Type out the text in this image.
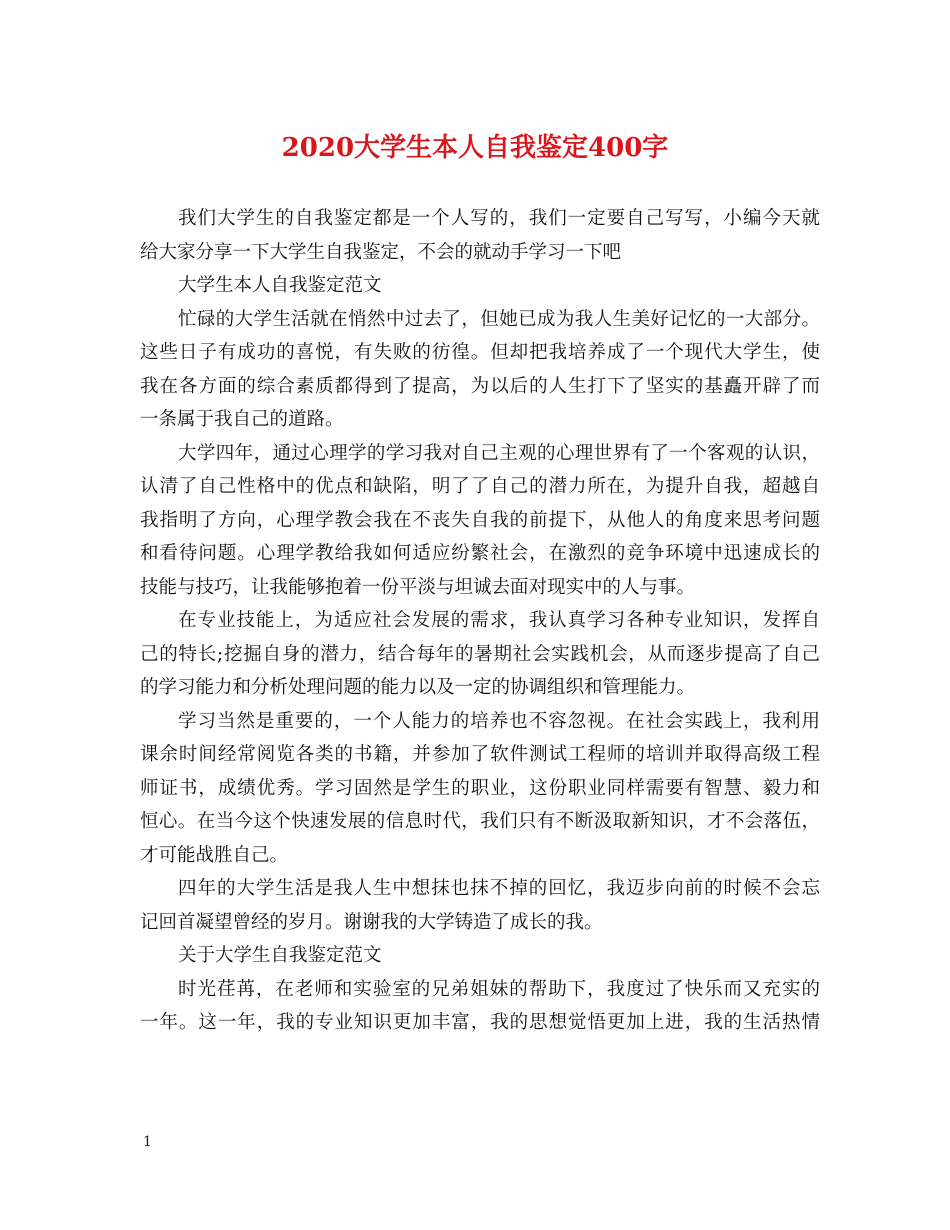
2020大学生本人自我鉴定400字
我们大学生的自我鉴定都是一个人写的，我们一定要自己写写，小编今天就
给大家分享一下大学生自我鉴定，不会的就动手学习一下吧
大学生本人自我鉴定范文
忙碌的大学生活就在悄然中过去了，但她已成为我人生美好记忆的一大部分。
这些日子有成功的喜悦，有失败的彷徨。但却把我培养成了一个现代大学生，使
我在各方面的综合素质都得到了提高，为以后的人生打下了坚实的基矗开辟了而
一条属于我自己的道路。
大学四年，通过心理学的学习我对自己主观的心理世界有了一个客观的认识，
认清了自己性格中的优点和缺陷，明了了自己的潜力所在，为提升自我，超越自
我指明了方向，心理学教会我在不丧失自我的前提下，从他人的角度来思考问题
和看待问题。心理学教给我如何适应纷繁社会，在激烈的竞争环境中迅速成长的
技能与技巧，让我能够抱着一份平淡与坦诚去面对现实中的人与事。
在专业技能上，为适应社会发展的需求，我认真学习各种专业知识，发挥自
己的特长;挖掘自身的潜力，结合每年的暑期社会实践机会，从而逐步提高了自己
的学习能力和分析处理问题的能力以及一定的协调组织和管理能力。
学习当然是重要的，一个人能力的培养也不容忽视。在社会实践上，我利用
课余时间经常阅览各类的书籍，并参加了软件测试工程师的培训并取得高级工程
师证书，成绩优秀。学习固然是学生的职业，这份职业同样需要有智慧、毅力和
恒心。在当今这个快速发展的信息时代，我们只有不断汲取新知识，才不会落伍，
才可能战胜自己。
四年的大学生活是我人生中想抹也抹不掉的回忆，我迈步向前的时候不会忘
记回首凝望曾经的岁月。谢谢我的大学铸造了成长的我。
关于大学生自我鉴定范文
时光荏苒，在老师和实验室的兄弟姐妹的帮助下，我度过了快乐而又充实的
一年。这一年，我的专业知识更加丰富，我的思想觉悟更加上进，我的生活热情
1
